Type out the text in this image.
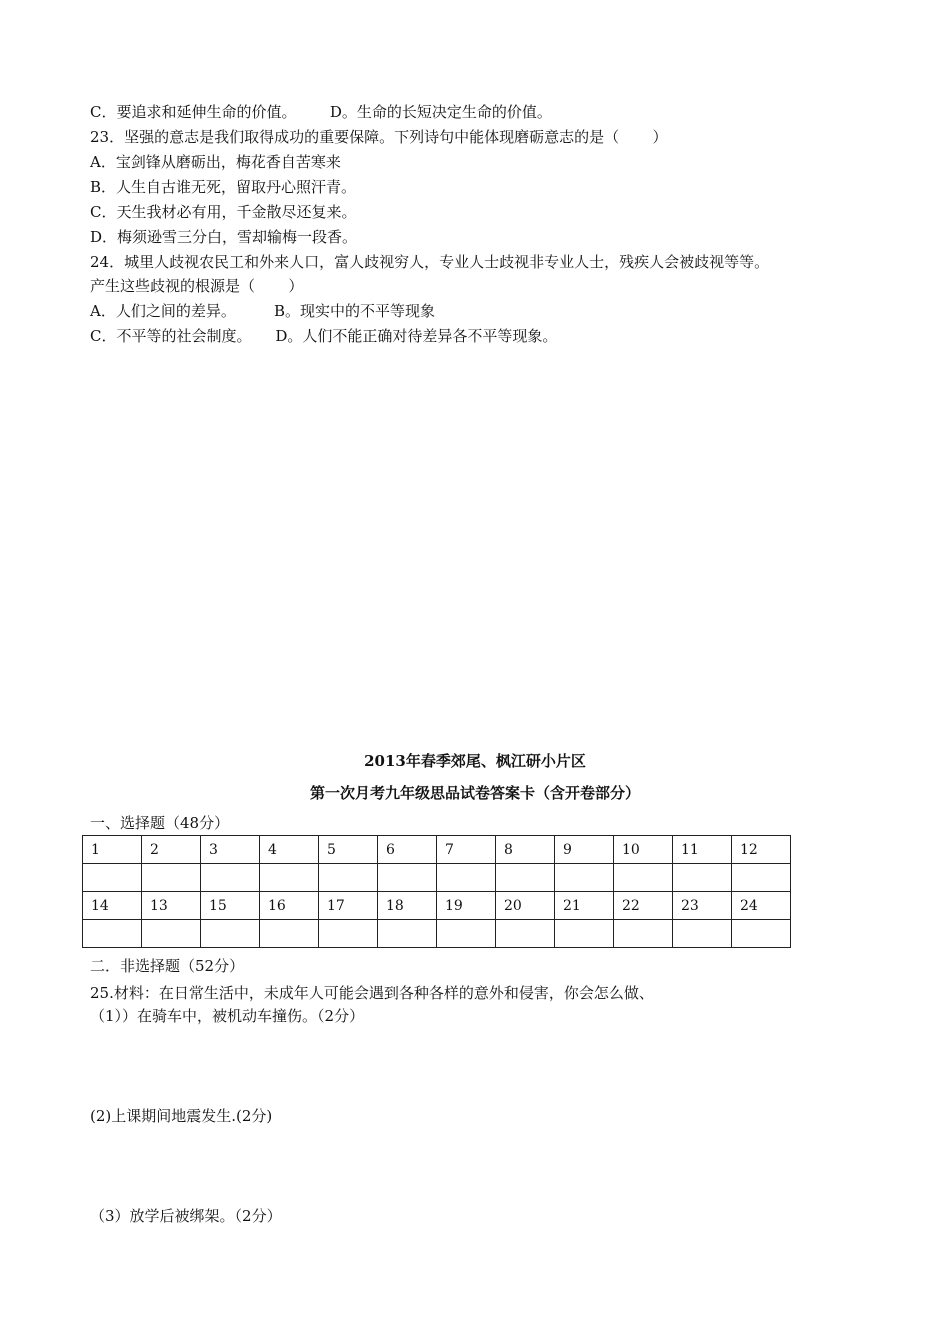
C．要追求和延伸生命的价值。       D。生命的长短决定生命的价值。
23．坚强的意志是我们取得成功的重要保障。下列诗句中能体现磨砺意志的是（       ）
A．宝剑锋从磨砺出，梅花香自苦寒来
B．人生自古谁无死，留取丹心照汗青。
C．天生我材必有用，千金散尽还复来。
D．梅须逊雪三分白，雪却输梅一段香。
24．城里人歧视农民工和外来人口，富人歧视穷人，专业人士歧视非专业人士，残疾人会被歧视等等。
产生这些歧视的根源是（       ）
A．人们之间的差异。        B。现实中的不平等现象
C．不平等的社会制度。     D。人们不能正确对待差异各不平等现象。
2013年春季郊尾、枫江研小片区
第一次月考九年级思品试卷答案卡（含开卷部分）
一、选择题（48分）
1	2	3	4	5	6	7	8	9	10	11	12

14	13	15	16	17	18	19	20	21	22	23	24

二．非选择题（52分）
25.材料：在日常生活中，未成年人可能会遇到各种各样的意外和侵害，你会怎么做、
（1））在骑车中，被机动车撞伤。（2分）
(2)上课期间地震发生.(2分)
（3）放学后被绑架。（2分）
